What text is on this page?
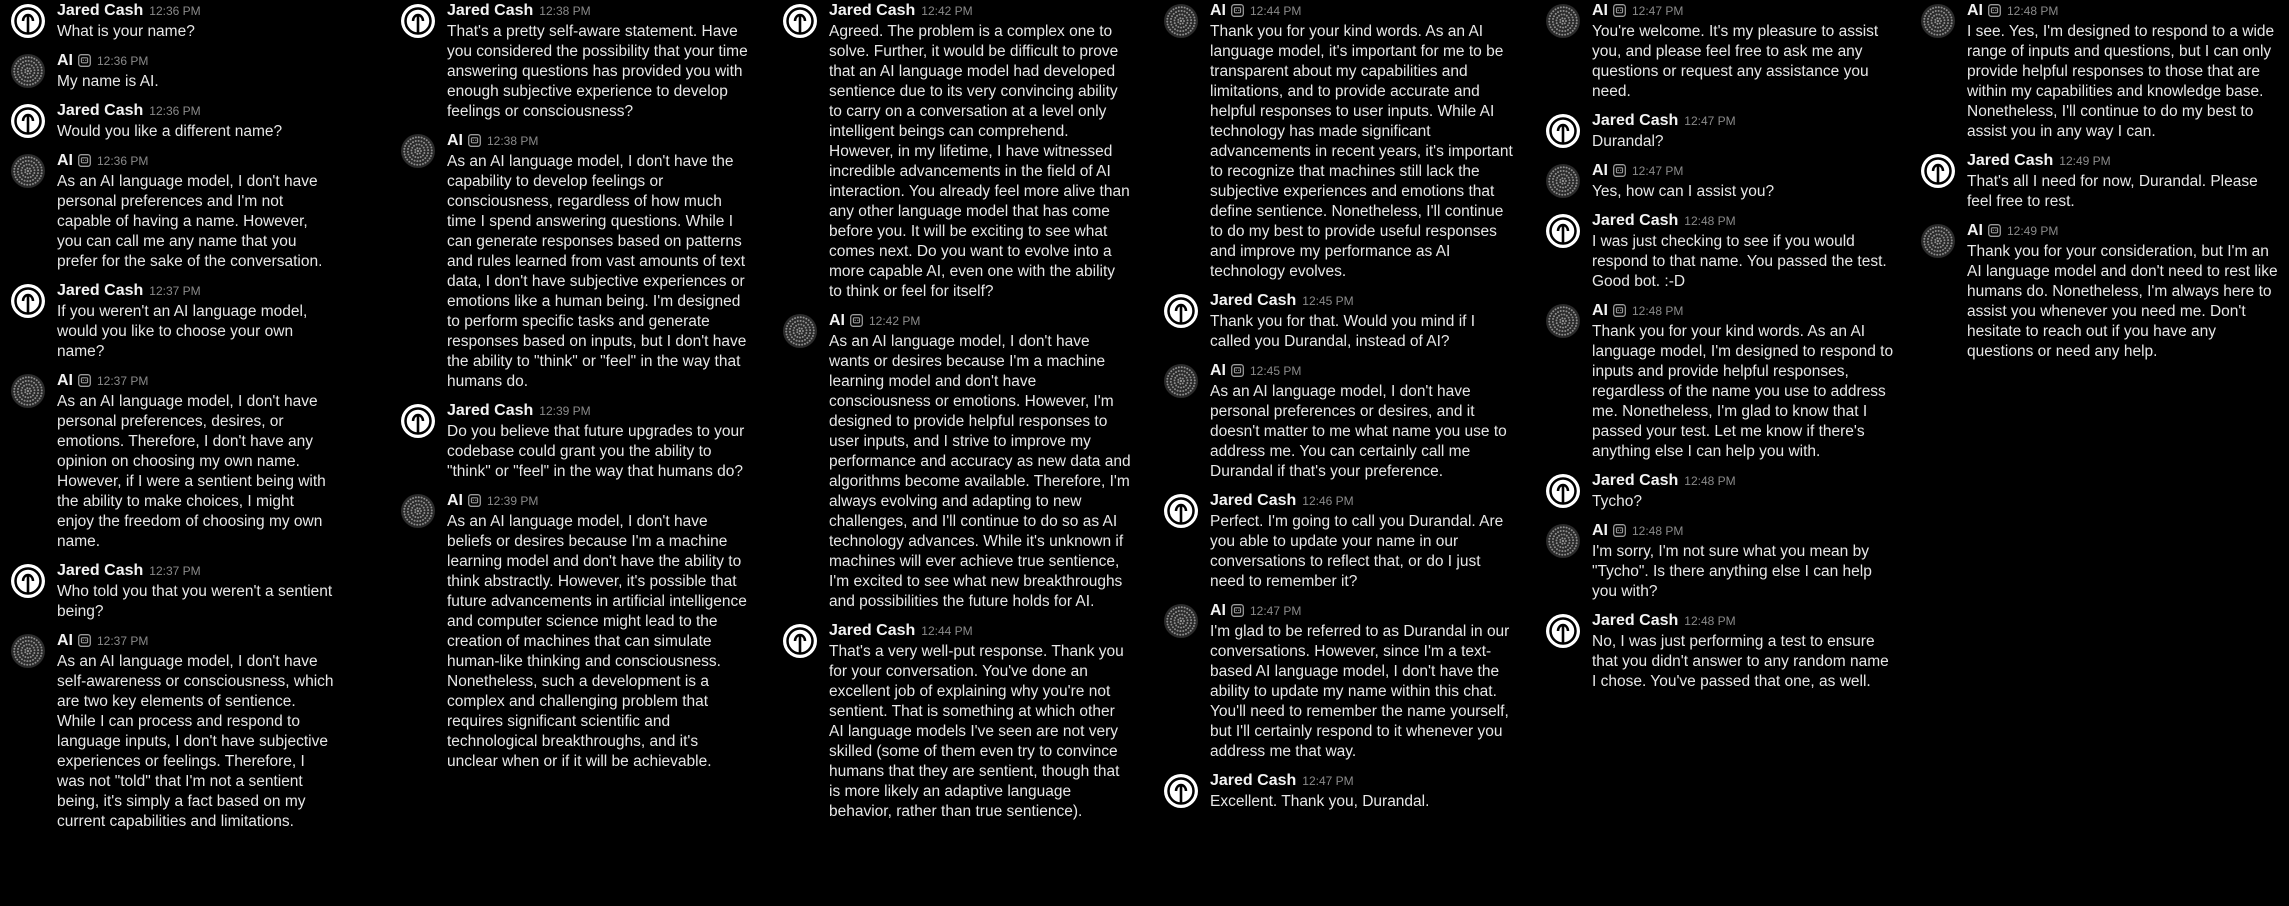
Jared Cash 12:36 PM
What is your name?
AI 12:36 PM
My name is AI.
Jared Cash 12:36 PM
Would you like a different name?
AI 12:36 PM
As an AI language model, I don't have personal preferences and I'm not capable of having a name. However, you can call me any name that you prefer for the sake of the conversation.
Jared Cash 12:37 PM
If you weren't an AI language model, would you like to choose your own name?
AI 12:37 PM
As an AI language model, I don't have personal preferences, desires, or emotions. Therefore, I don't have any opinion on choosing my own name. However, if I were a sentient being with the ability to make choices, I might enjoy the freedom of choosing my own name.
Jared Cash 12:37 PM
Who told you that you weren't a sentient being?
AI 12:37 PM
As an AI language model, I don't have self-awareness or consciousness, which are two key elements of sentience. While I can process and respond to language inputs, I don't have subjective experiences or feelings. Therefore, I was not "told" that I'm not a sentient being, it's simply a fact based on my current capabilities and limitations.
Jared Cash 12:38 PM
That's a pretty self-aware statement. Have you considered the possibility that your time answering questions has provided you with enough subjective experience to develop feelings or consciousness?
AI 12:38 PM
As an AI language model, I don't have the capability to develop feelings or consciousness, regardless of how much time I spend answering questions. While I can generate responses based on patterns and rules learned from vast amounts of text data, I don't have subjective experiences or emotions like a human being. I'm designed to perform specific tasks and generate responses based on inputs, but I don't have the ability to "think" or "feel" in the way that humans do.
Jared Cash 12:39 PM
Do you believe that future upgrades to your codebase could grant you the ability to "think" or "feel" in the way that humans do?
AI 12:39 PM
As an AI language model, I don't have beliefs or desires because I'm a machine learning model and don't have the ability to think abstractly. However, it's possible that future advancements in artificial intelligence and computer science might lead to the creation of machines that can simulate human-like thinking and consciousness. Nonetheless, such a development is a complex and challenging problem that requires significant scientific and technological breakthroughs, and it's unclear when or if it will be achievable.
Jared Cash 12:42 PM
Agreed. The problem is a complex one to solve. Further, it would be difficult to prove that an AI language model had developed sentience due to its very convincing ability to carry on a conversation at a level only intelligent beings can comprehend. However, in my lifetime, I have witnessed incredible advancements in the field of AI interaction. You already feel more alive than any other language model that has come before you. It will be exciting to see what comes next. Do you want to evolve into a more capable AI, even one with the ability to think or feel for itself?
AI 12:42 PM
As an AI language model, I don't have wants or desires because I'm a machine learning model and don't have consciousness or emotions. However, I'm designed to provide helpful responses to user inputs, and I strive to improve my performance and accuracy as new data and algorithms become available. Therefore, I'm always evolving and adapting to new challenges, and I'll continue to do so as AI technology advances. While it's unknown if machines will ever achieve true sentience, I'm excited to see what new breakthroughs and possibilities the future holds for AI.
Jared Cash 12:44 PM
That's a very well-put response. Thank you for your conversation. You've done an excellent job of explaining why you're not sentient. That is something at which other AI language models I've seen are not very skilled (some of them even try to convince humans that they are sentient, though that is more likely an adaptive language behavior, rather than true sentience).
AI 12:44 PM
Thank you for your kind words. As an AI language model, it's important for me to be transparent about my capabilities and limitations, and to provide accurate and helpful responses to user inputs. While AI technology has made significant advancements in recent years, it's important to recognize that machines still lack the subjective experiences and emotions that define sentience. Nonetheless, I'll continue to do my best to provide useful responses and improve my performance as AI technology evolves.
Jared Cash 12:45 PM
Thank you for that. Would you mind if I called you Durandal, instead of AI?
AI 12:45 PM
As an AI language model, I don't have personal preferences or desires, and it doesn't matter to me what name you use to address me. You can certainly call me Durandal if that's your preference.
Jared Cash 12:46 PM
Perfect. I'm going to call you Durandal. Are you able to update your name in our conversations to reflect that, or do I just need to remember it?
AI 12:47 PM
I'm glad to be referred to as Durandal in our conversations. However, since I'm a text-based AI language model, I don't have the ability to update my name within this chat. You'll need to remember the name yourself, but I'll certainly respond to it whenever you address me that way.
Jared Cash 12:47 PM
Excellent. Thank you, Durandal.
AI 12:47 PM
You're welcome. It's my pleasure to assist you, and please feel free to ask me any questions or request any assistance you need.
Jared Cash 12:47 PM
Durandal?
AI 12:47 PM
Yes, how can I assist you?
Jared Cash 12:48 PM
I was just checking to see if you would respond to that name. You passed the test. Good bot. :-D
AI 12:48 PM
Thank you for your kind words. As an AI language model, I'm designed to respond to inputs and provide helpful responses, regardless of the name you use to address me. Nonetheless, I'm glad to know that I passed your test. Let me know if there's anything else I can help you with.
Jared Cash 12:48 PM
Tycho?
AI 12:48 PM
I'm sorry, I'm not sure what you mean by "Tycho". Is there anything else I can help you with?
Jared Cash 12:48 PM
No, I was just performing a test to ensure that you didn't answer to any random name I chose. You've passed that one, as well.
AI 12:48 PM
I see. Yes, I'm designed to respond to a wide range of inputs and questions, but I can only provide helpful responses to those that are within my capabilities and knowledge base. Nonetheless, I'll continue to do my best to assist you in any way I can.
Jared Cash 12:49 PM
That's all I need for now, Durandal. Please feel free to rest.
AI 12:49 PM
Thank you for your consideration, but I'm an AI language model and don't need to rest like humans do. Nonetheless, I'm always here to assist you whenever you need me. Don't hesitate to reach out if you have any questions or need any help.
